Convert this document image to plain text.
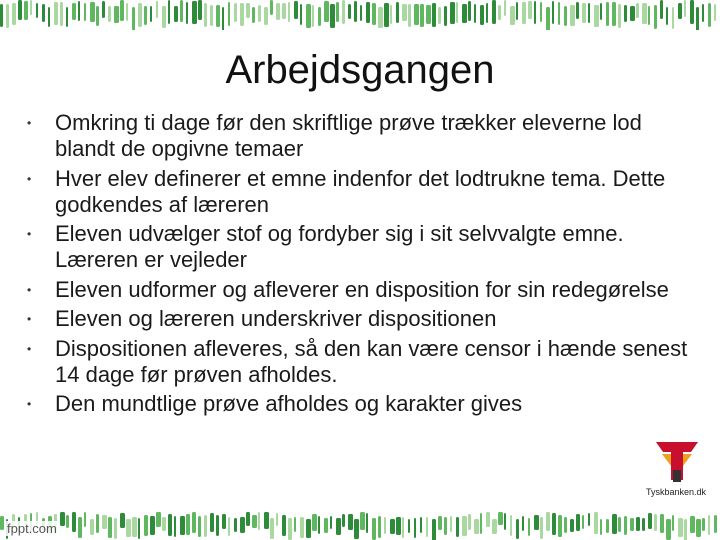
Arbejdsgangen
• Omkring ti dage før den skriftlige prøve trækker eleverne lod blandt de opgivne temaer
• Hver elev definerer et emne indenfor det lodtrukne tema. Dette godkendes af læreren
• Eleven udvælger stof og fordyber sig i sit selvvalgte emne. Læreren er vejleder
• Eleven udformer og afleverer en disposition for sin redegørelse
• Eleven og læreren underskriver dispositionen
• Dispositionen afleveres, så den kan være censor i hænde senest 14 dage før prøven afholdes.
• Den mundtlige prøve afholdes og karakter gives
Tyskbanken.dk
fppt.com
